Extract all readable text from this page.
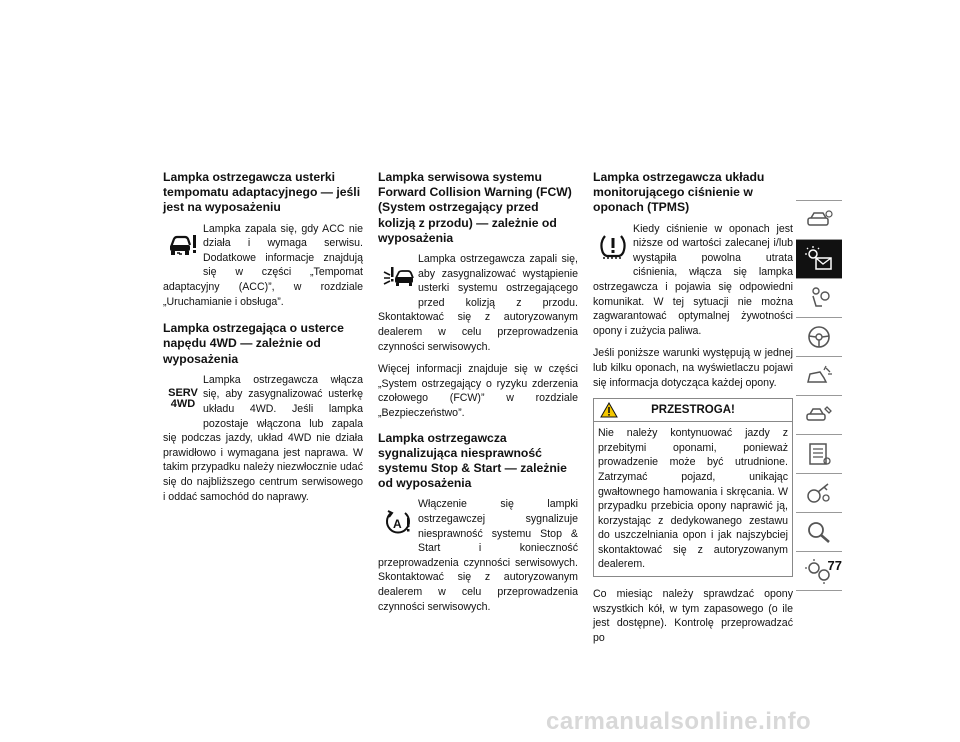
Lampka ostrzegawcza usterki tempomatu adaptacyjnego — jeśli jest na wyposażeniu

Lampka zapala się, gdy ACC nie działa i wymaga serwisu. Dodatkowe informacje znajdują się w części „Tempomat adaptacyjny (ACC)”, w rozdziale „Uruchamianie i obsługa”.

Lampka ostrzegająca o usterce napędu 4WD — zależnie od wyposażenia
SERV
4WD

Lampka ostrzegawcza włącza się, aby zasygnalizować usterkę układu 4WD. Jeśli lampka pozostaje włączona lub zapala się podczas jazdy, układ 4WD nie działa prawidłowo i wymagana jest naprawa. W takim przypadku należy niezwłocznie udać się do najbliższego centrum serwisowego i oddać samochód do naprawy.

Lampka serwisowa systemu Forward Collision Warning (FCW) (System ostrzegający przed kolizją z przodu) — zależnie od wyposażenia

Lampka ostrzegawcza zapali się, aby zasygnalizować wystąpienie usterki systemu ostrzegającego przed kolizją z przodu. Skontaktować się z autoryzowanym dealerem w celu przeprowadzenia czynności serwisowych.

Więcej informacji znajduje się w części „System ostrzegający o ryzyku zderzenia czołowego (FCW)” w rozdziale „Bezpieczeństwo”.

Lampka ostrzegawcza sygnalizująca niesprawność systemu Stop & Start — zależnie od wyposażenia
A

Włączenie się lampki ostrzegawczej sygnalizuje niesprawność systemu Stop & Start i konieczność przeprowadzenia czynności serwisowych. Skontaktować się z autoryzowanym dealerem w celu przeprowadzenia czynności serwisowych.

Lampka ostrzegawcza układu monitorującego ciśnienie w oponach (TPMS)

Kiedy ciśnienie w oponach jest niższe od wartości zalecanej i/lub wystąpiła powolna utrata ciśnienia, włącza się lampka ostrzegawcza i pojawia się odpowiedni komunikat. W tej sytuacji nie można zagwarantować optymalnej żywotności opony i zużycia paliwa.

Jeśli poniższe warunki występują w jednej lub kilku oponach, na wyświetlaczu pojawi się informacja dotycząca każdej opony.

PRZESTROGA!
Nie należy kontynuować jazdy z przebitymi oponami, ponieważ prowadzenie może być utrudnione. Zatrzymać pojazd, unikając gwałtownego hamowania i skręcania. W przypadku przebicia opony naprawić ją, korzystając z dedykowanego zestawu do uszczelniania opon i jak najszybciej skontaktować się z autoryzowanym dealerem.

Co miesiąc należy sprawdzać opony wszystkich kół, w tym zapasowego (o ile jest dostępne). Kontrolę przeprowadzać po

77
carmanualsonline.info
